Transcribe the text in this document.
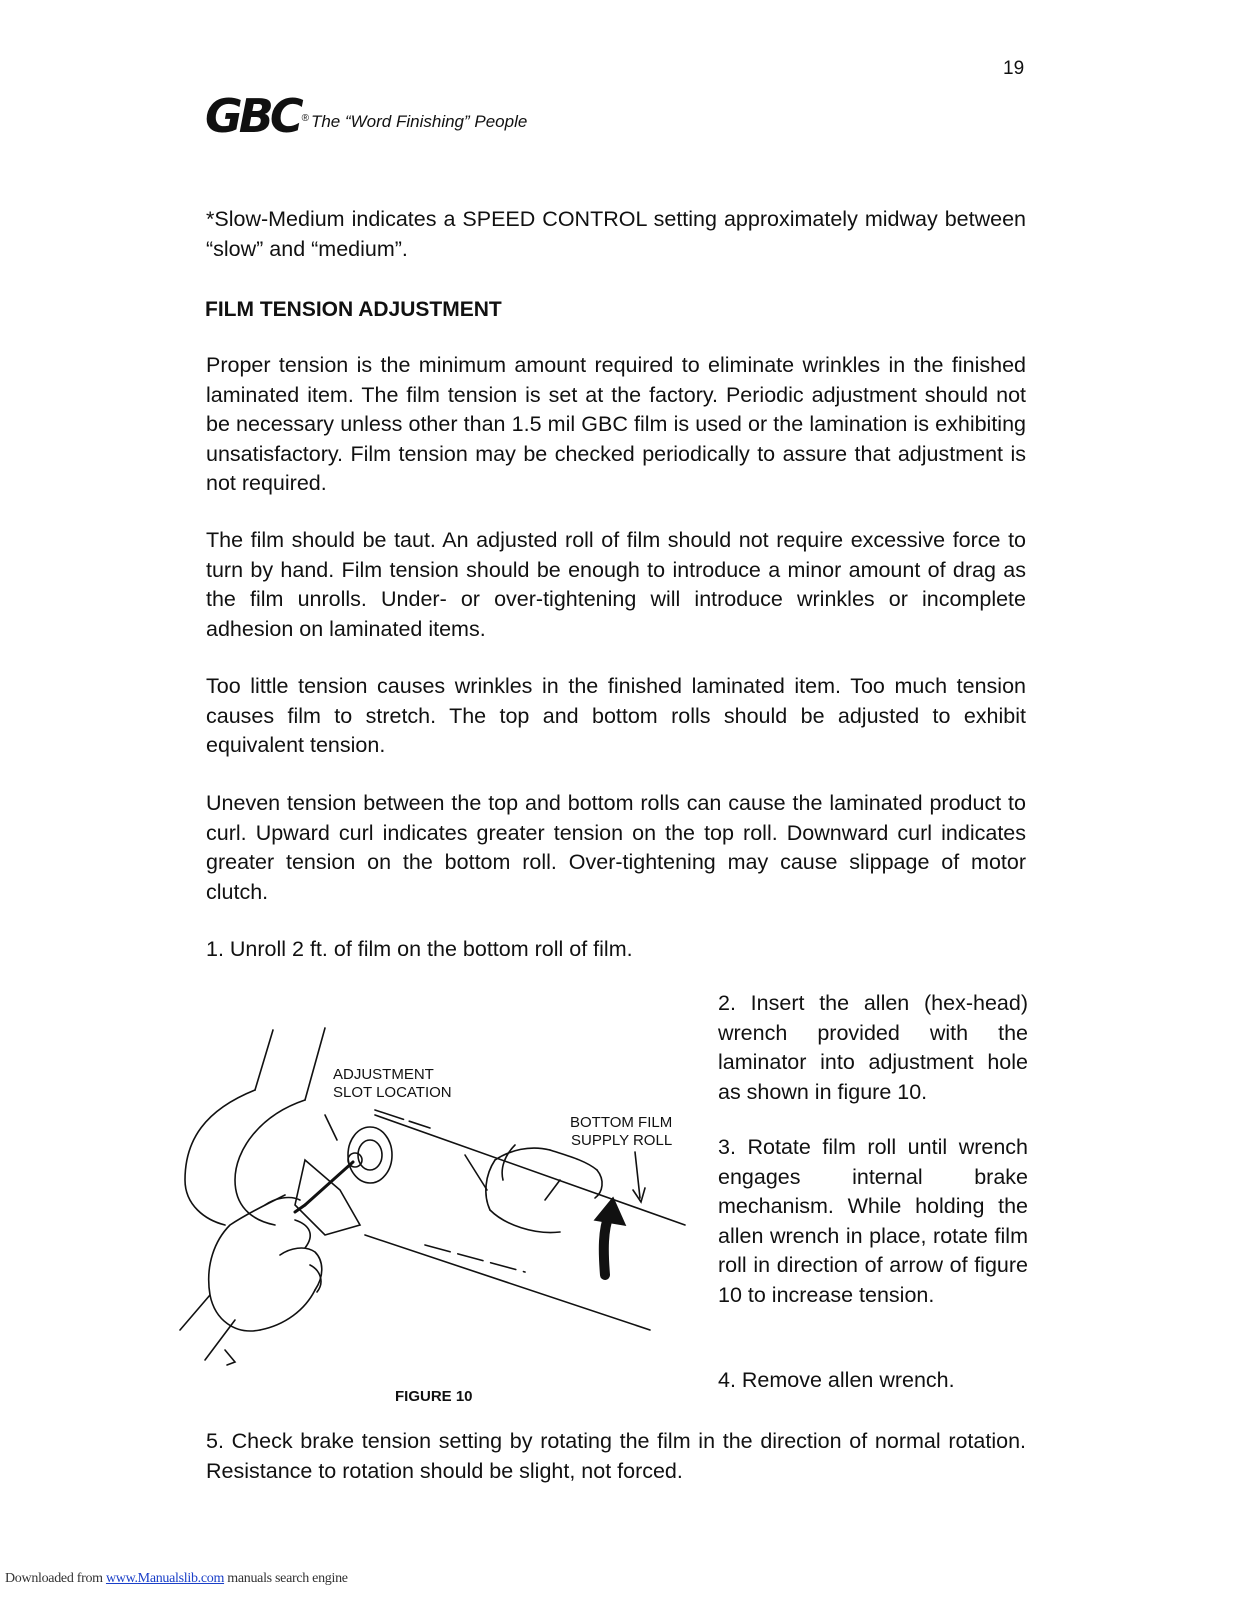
19
GBC ® The “Word Finishing” People
*Slow-Medium indicates a SPEED CONTROL setting approximately midway between “slow” and “medium”.
FILM TENSION ADJUSTMENT
Proper tension is the minimum amount required to eliminate wrinkles in the finished laminated item. The film tension is set at the factory. Periodic adjustment should not be necessary unless other than 1.5 mil GBC film is used or the lamination is exhibiting unsatisfactory. Film tension may be checked periodically to assure that adjustment is not required.
The film should be taut. An adjusted roll of film should not require excessive force to turn by hand. Film tension should be enough to introduce a minor amount of drag as the film unrolls. Under- or over-tightening will introduce wrinkles or incomplete adhesion on laminated items.
Too little tension causes wrinkles in the finished laminated item. Too much tension causes film to stretch. The top and bottom rolls should be adjusted to exhibit equivalent tension.
Uneven tension between the top and bottom rolls can cause the laminated product to curl. Upward curl indicates greater tension on the top roll. Downward curl indicates greater tension on the bottom roll. Over-tightening may cause slippage of motor clutch.
1. Unroll 2 ft. of film on the bottom roll of film.
2. Insert the allen (hex-head) wrench provided with the laminator into adjustment hole as shown in figure 10.
3. Rotate film roll until wrench engages internal brake mechanism. While holding the allen wrench in place, rotate film roll in direction of arrow of figure 10 to increase tension.
4. Remove allen wrench.
ADJUSTMENT
SLOT LOCATION
BOTTOM FILM
SUPPLY ROLL
FIGURE 10
5. Check brake tension setting by rotating the film in the direction of normal rotation. Resistance to rotation should be slight, not forced.
Downloaded from www.Manualslib.com manuals search engine
